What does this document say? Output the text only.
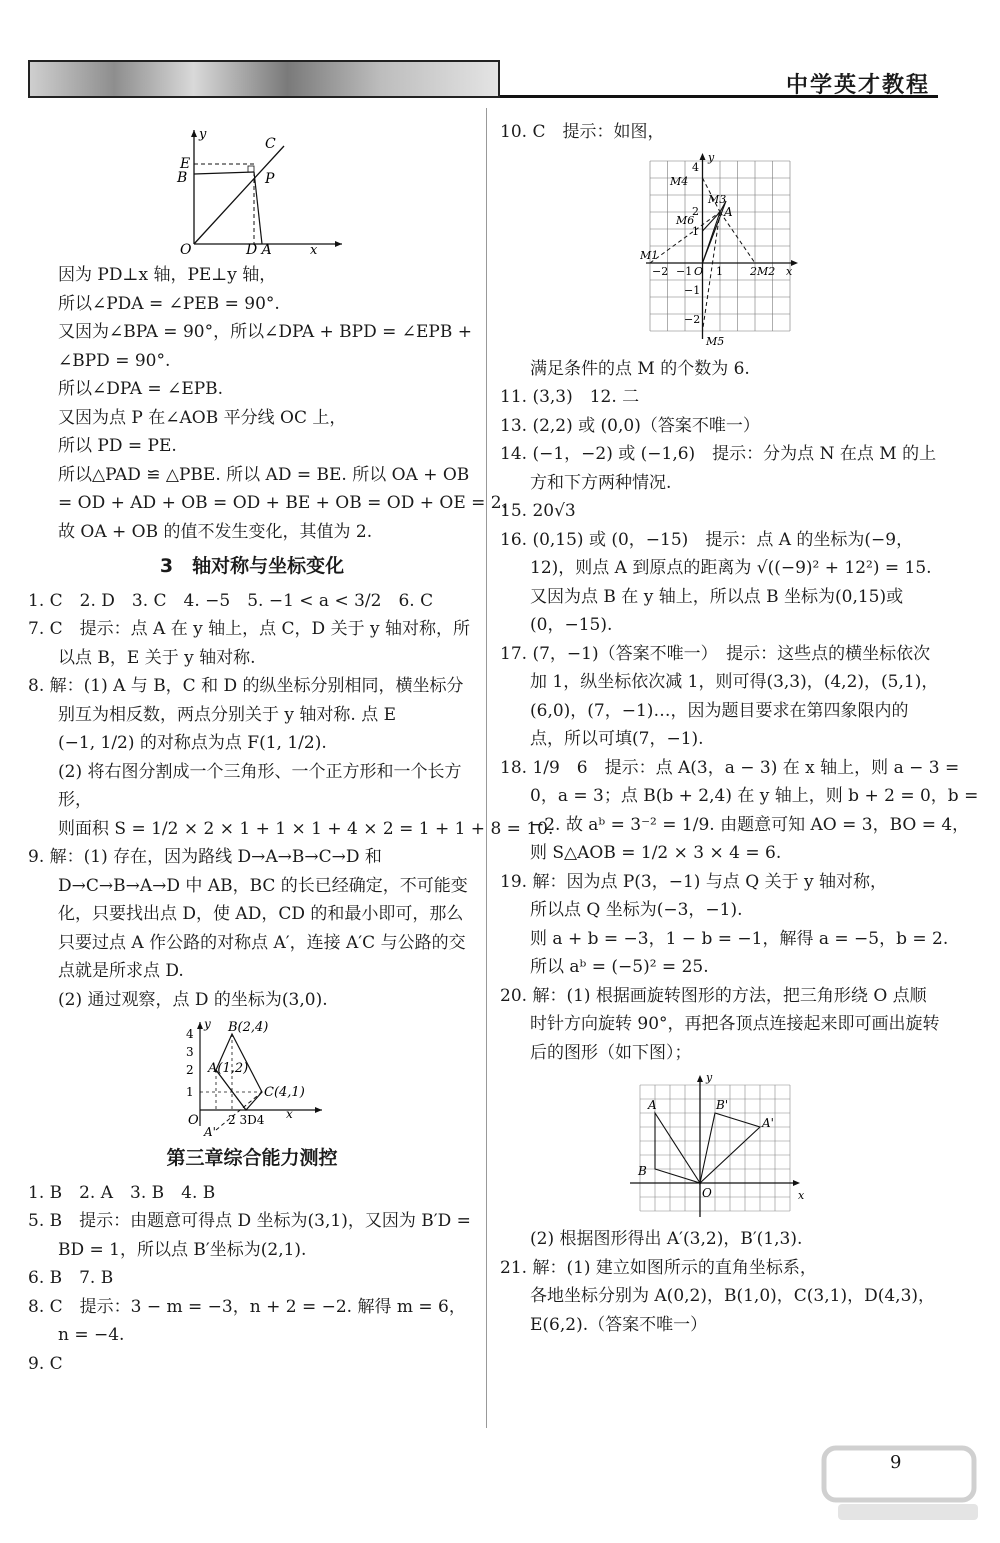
中学英才教程
y
C
E
B	P
O	D A	x
因为 PD⊥x 轴，PE⊥y 轴，
所以∠PDA = ∠PEB = 90°.
又因为∠BPA = 90°，所以∠DPA + BPD = ∠EPB +
∠BPD = 90°.
所以∠DPA = ∠EPB.
又因为点 P 在∠AOB 平分线 OC 上，
所以 PD = PE.
所以△PAD ≌ △PBE. 所以 AD = BE. 所以 OA + OB
= OD + AD + OB = OD + BE + OB = OD + OE = 2.
故 OA + OB 的值不发生变化，其值为 2.
3　轴对称与坐标变化
1. C　2. D　3. C　4. −5　5. −1 < a < 3/2　6. C
7. C　提示：点 A 在 y 轴上，点 C，D 关于 y 轴对称，所以点 B，E 关于 y 轴对称.
8. 解：(1) A 与 B，C 和 D 的纵坐标分别相同，横坐标分别互为相反数，两点分别关于 y 轴对称. 点 E
(−1, 1/2) 的对称点为点 F(1, 1/2).
(2) 将右图分割成一个三角形、一个正方形和一个长方形，
则面积 S = 1/2 × 2 × 1 + 1 × 1 + 4 × 2 = 1 + 1 + 8 = 10.
9. 解：(1) 存在，因为路线 D→A→B→C→D 和 D→C→B→A→D 中 AB，BC 的长已经确定，不可能变化，只要找出点 D，使 AD，CD 的和最小即可，那么只要过点 A 作公路的对称点 A′，连接 A′C 与公路的交点就是所求点 D.
(2) 通过观察，点 D 的坐标为(3,0).
y B(2,4)
A(1,2)
C(4,1)
4
3
2
1
O 2 3D4 x
A'
第三章综合能力测控
1. B　2. A　3. B　4. B
5. B　提示：由题意可得点 D 坐标为(3,1)，又因为 B′D = BD = 1，所以点 B′坐标为(2,1).
6. B　7. B
8. C　提示：3 − m = −3，n + 2 = −2. 解得 m = 6，n = −4.
9. C
10. C　提示：如图，
M4
M3
M6
A
M1
2M2
M5
x
y
4
2
1
−1
−2
−2 −1 O 1
满足条件的点 M 的个数为 6.
11. (3,3)　12. 二
13. (2,2) 或 (0,0)（答案不唯一）
14. (−1，−2) 或 (−1,6)　提示：分为点 N 在点 M 的上方和下方两种情况.
15. 20√3
16. (0,15) 或 (0，−15)　提示：点 A 的坐标为(−9，
12)，则点 A 到原点的距离为 √((−9)² + 12²) = 15.
又因为点 B 在 y 轴上，所以点 B 坐标为(0,15)或(0，−15).
17. (7，−1)（答案不唯一）　提示：这些点的横坐标依次加 1，纵坐标依次减 1，则可得(3,3)，(4,2)，(5,1)，(6,0)，(7，−1)…，因为题目要求在第四象限内的点，所以可填(7，−1).
18. 1/9　6　提示：点 A(3，a − 3) 在 x 轴上，则 a − 3 =
0，a = 3；点 B(b + 2,4) 在 y 轴上，则 b + 2 = 0，b =
−2. 故 aᵇ = 3⁻² = 1/9. 由题意可知 AO = 3，BO = 4，
则 S△AOB = 1/2 × 3 × 4 = 6.
19. 解：因为点 P(3，−1) 与点 Q 关于 y 轴对称，
所以点 Q 坐标为(−3，−1).
则 a + b = −3，1 − b = −1，解得 a = −5，b = 2.
所以 aᵇ = (−5)² = 25.
20. 解：(1) 根据画旋转图形的方法，把三角形绕 O 点顺时针方向旋转 90°，再把各顶点连接起来即可画出旋转后的图形（如下图）；
y
A	B'
A'
B
O	x
(2) 根据图形得出 A′(3,2)，B′(1,3).
21. 解：(1) 建立如图所示的直角坐标系，
各地坐标分别为 A(0,2)，B(1,0)，C(3,1)，D(4,3)，E(6,2).（答案不唯一）
9
